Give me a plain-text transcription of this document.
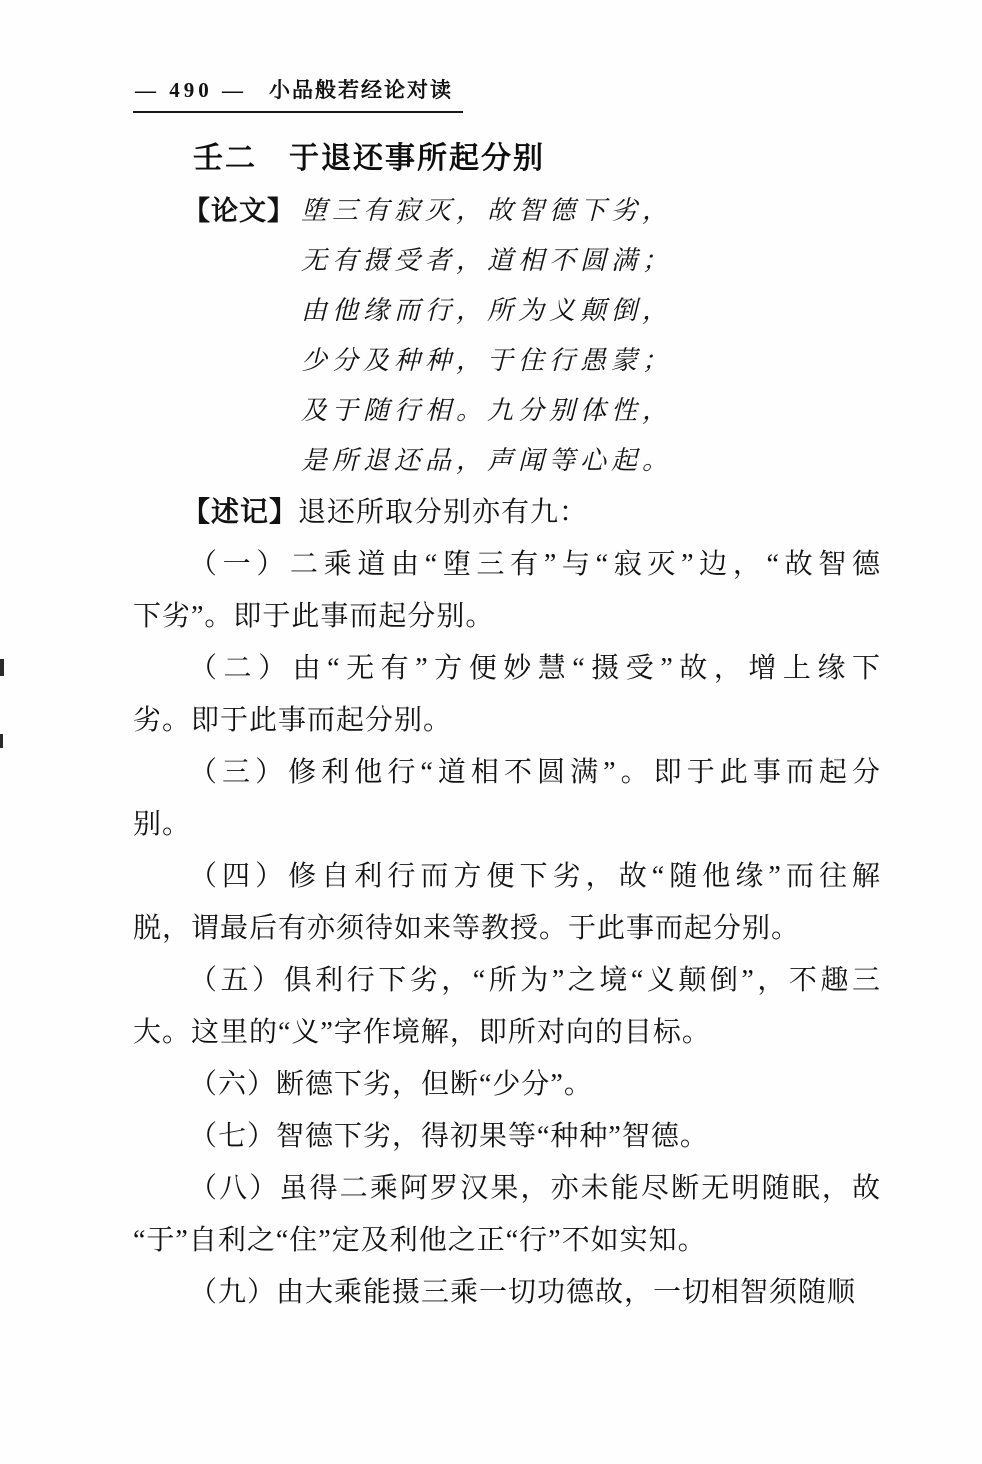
— 490 — 小品般若经论对读
壬二　于退还事所起分别
【论文】 堕三有寂灭，故智德下劣，
无有摄受者，道相不圆满；
由他缘而行，所为义颠倒，
少分及种种，于住行愚蒙；
及于随行相。九分别体性，
是所退还品，声闻等心起。

【述记】退还所取分别亦有九：

（一）二乘道由“堕三有”与“寂灭”边，“故智德
下劣”。即于此事而起分别。
（二）由“无有”方便妙慧“摄受”故，增上缘下
劣。即于此事而起分别。
（三）修利他行“道相不圆满”。即于此事而起分
别。
（四）修自利行而方便下劣，故“随他缘”而往解
脱，谓最后有亦须待如来等教授。于此事而起分别。
（五）俱利行下劣，“所为”之境“义颠倒”，不趣三
大。这里的“义”字作境解，即所对向的目标。
（六）断德下劣，但断“少分”。
（七）智德下劣，得初果等“种种”智德。
（八）虽得二乘阿罗汉果，亦未能尽断无明随眠，故
“于”自利之“住”定及利他之正“行”不如实知。
（九）由大乘能摄三乘一切功德故，一切相智须随顺
